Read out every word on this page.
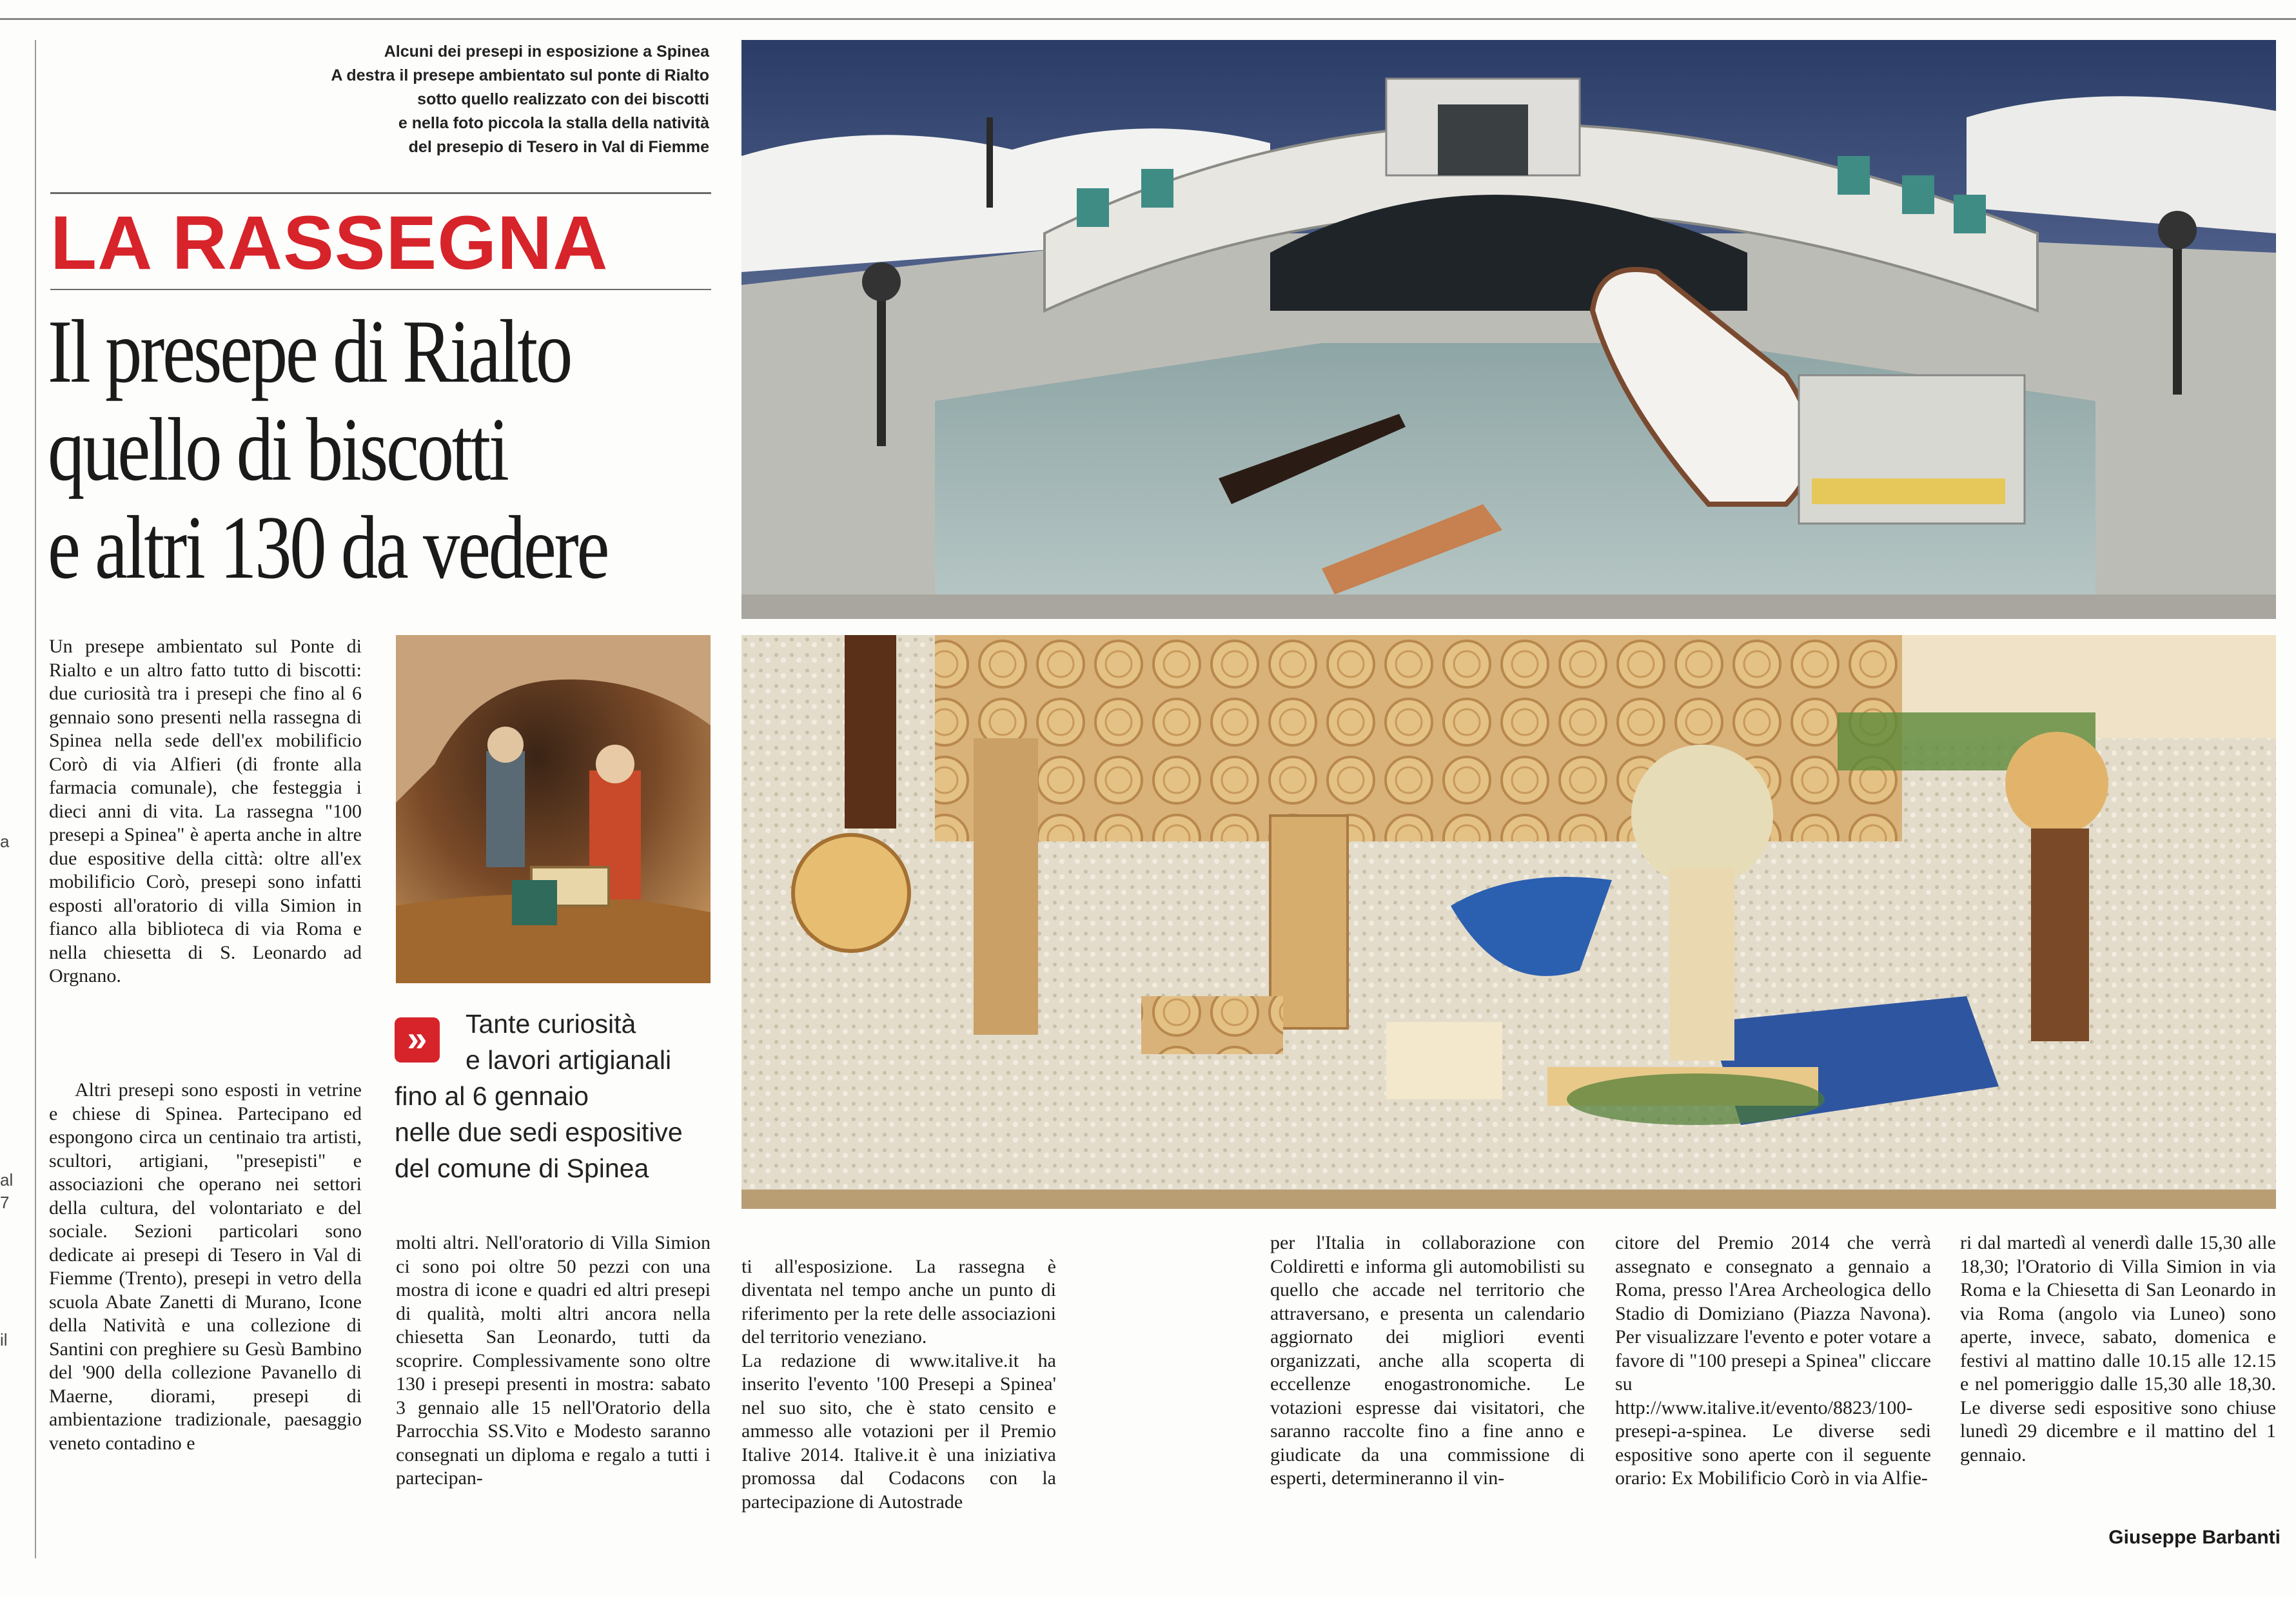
a
al
7
il
Alcuni dei presepi in esposizione a Spinea
A destra il presepe ambientato sul ponte di Rialto
sotto quello realizzato con dei biscotti
e nella foto piccola la stalla della natività
del presepio di Tesero in Val di Fiemme
LA RASSEGNA
Il presepe di Rialto
quello di biscotti
e altri 130 da vedere
»	Tante curiosità
e lavori artigianali
fino al 6 gennaio
nelle due sedi espositive
del comune di Spinea

Un presepe ambientato sul Ponte di Rialto e un altro fatto tutto di biscotti: due curiosità tra i presepi che fino al 6 gennaio sono presenti nella rassegna di Spinea nella sede dell'ex mobilificio Corò di via Alfieri (di fronte alla farmacia comunale), che festeggia i dieci anni di vita. La rassegna "100 presepi a Spinea" è aperta anche in altre due espositive della città: oltre all'ex mobilificio Corò, presepi sono infatti esposti all'oratorio di villa Simion in fianco alla biblioteca di via Roma e nella chiesetta di S. Leonardo ad Orgnano.

Altri presepi sono esposti in vetrine e chiese di Spinea. Partecipano ed espongono circa un centinaio tra artisti, scultori, artigiani, "presepisti" e associazioni che operano nei settori della cultura, del volontariato e del sociale. Sezioni particolari sono dedicate ai presepi di Tesero in Val di Fiemme (Trento), presepi in vetro della scuola Abate Zanetti di Murano, Icone della Natività e una collezione di Santini con preghiere su Gesù Bambino del '900 della collezione Pavanello di Maerne, diorami, presepi di ambientazione tradizionale, paesaggio veneto contadino e

molti altri. Nell'oratorio di Villa Simion ci sono poi oltre 50 pezzi con una mostra di icone e quadri ed altri presepi di qualità, molti altri ancora nella chiesetta San Leonardo, tutti da scoprire. Complessivamente sono oltre 130 i presepi presenti in mostra: sabato 3 gennaio alle 15 nell'Oratorio della Parrocchia SS.Vito e Modesto saranno consegnati un diploma e regalo a tutti i partecipan-

ti all'esposizione. La rassegna è diventata nel tempo anche un punto di riferimento per la rete delle associazioni del territorio veneziano.
La redazione di www.italive.it ha inserito l'evento '100 Presepi a Spinea' nel suo sito, che è stato censito e ammesso alle votazioni per il Premio Italive 2014. Italive.it è una iniziativa promossa dal Codacons con la partecipazione di Autostrade

per l'Italia in collaborazione con Coldiretti e informa gli automobilisti su quello che accade nel territorio che attraversano, e presenta un calendario aggiornato dei migliori eventi organizzati, anche alla scoperta di eccellenze enogastronomiche. Le votazioni espresse dai visitatori, che saranno raccolte fino a fine anno e giudicate da una commissione di esperti, determineranno il vin-

citore del Premio 2014 che verrà assegnato e consegnato a gennaio a Roma, presso l'Area Archeologica dello Stadio di Domiziano (Piazza Navona). Per visualizzare l'evento e poter votare a favore di "100 presepi a Spinea" cliccare su http://www.italive.it/evento/8823/100-presepi-a-spinea. Le diverse sedi espositive sono aperte con il seguente orario: Ex Mobilificio Corò in via Alfie-

ri dal martedì al venerdì dalle 15,30 alle 18,30; l'Oratorio di Villa Simion in via Roma e la Chiesetta di San Leonardo in via Roma (angolo via Luneo) sono aperte, invece, sabato, domenica e festivi al mattino dalle 10.15 alle 12.15 e nel pomeriggio dalle 15,30 alle 18,30. Le diverse sedi espositive sono chiuse lunedì 29 dicembre e il mattino del 1 gennaio.

Giuseppe Barbanti
